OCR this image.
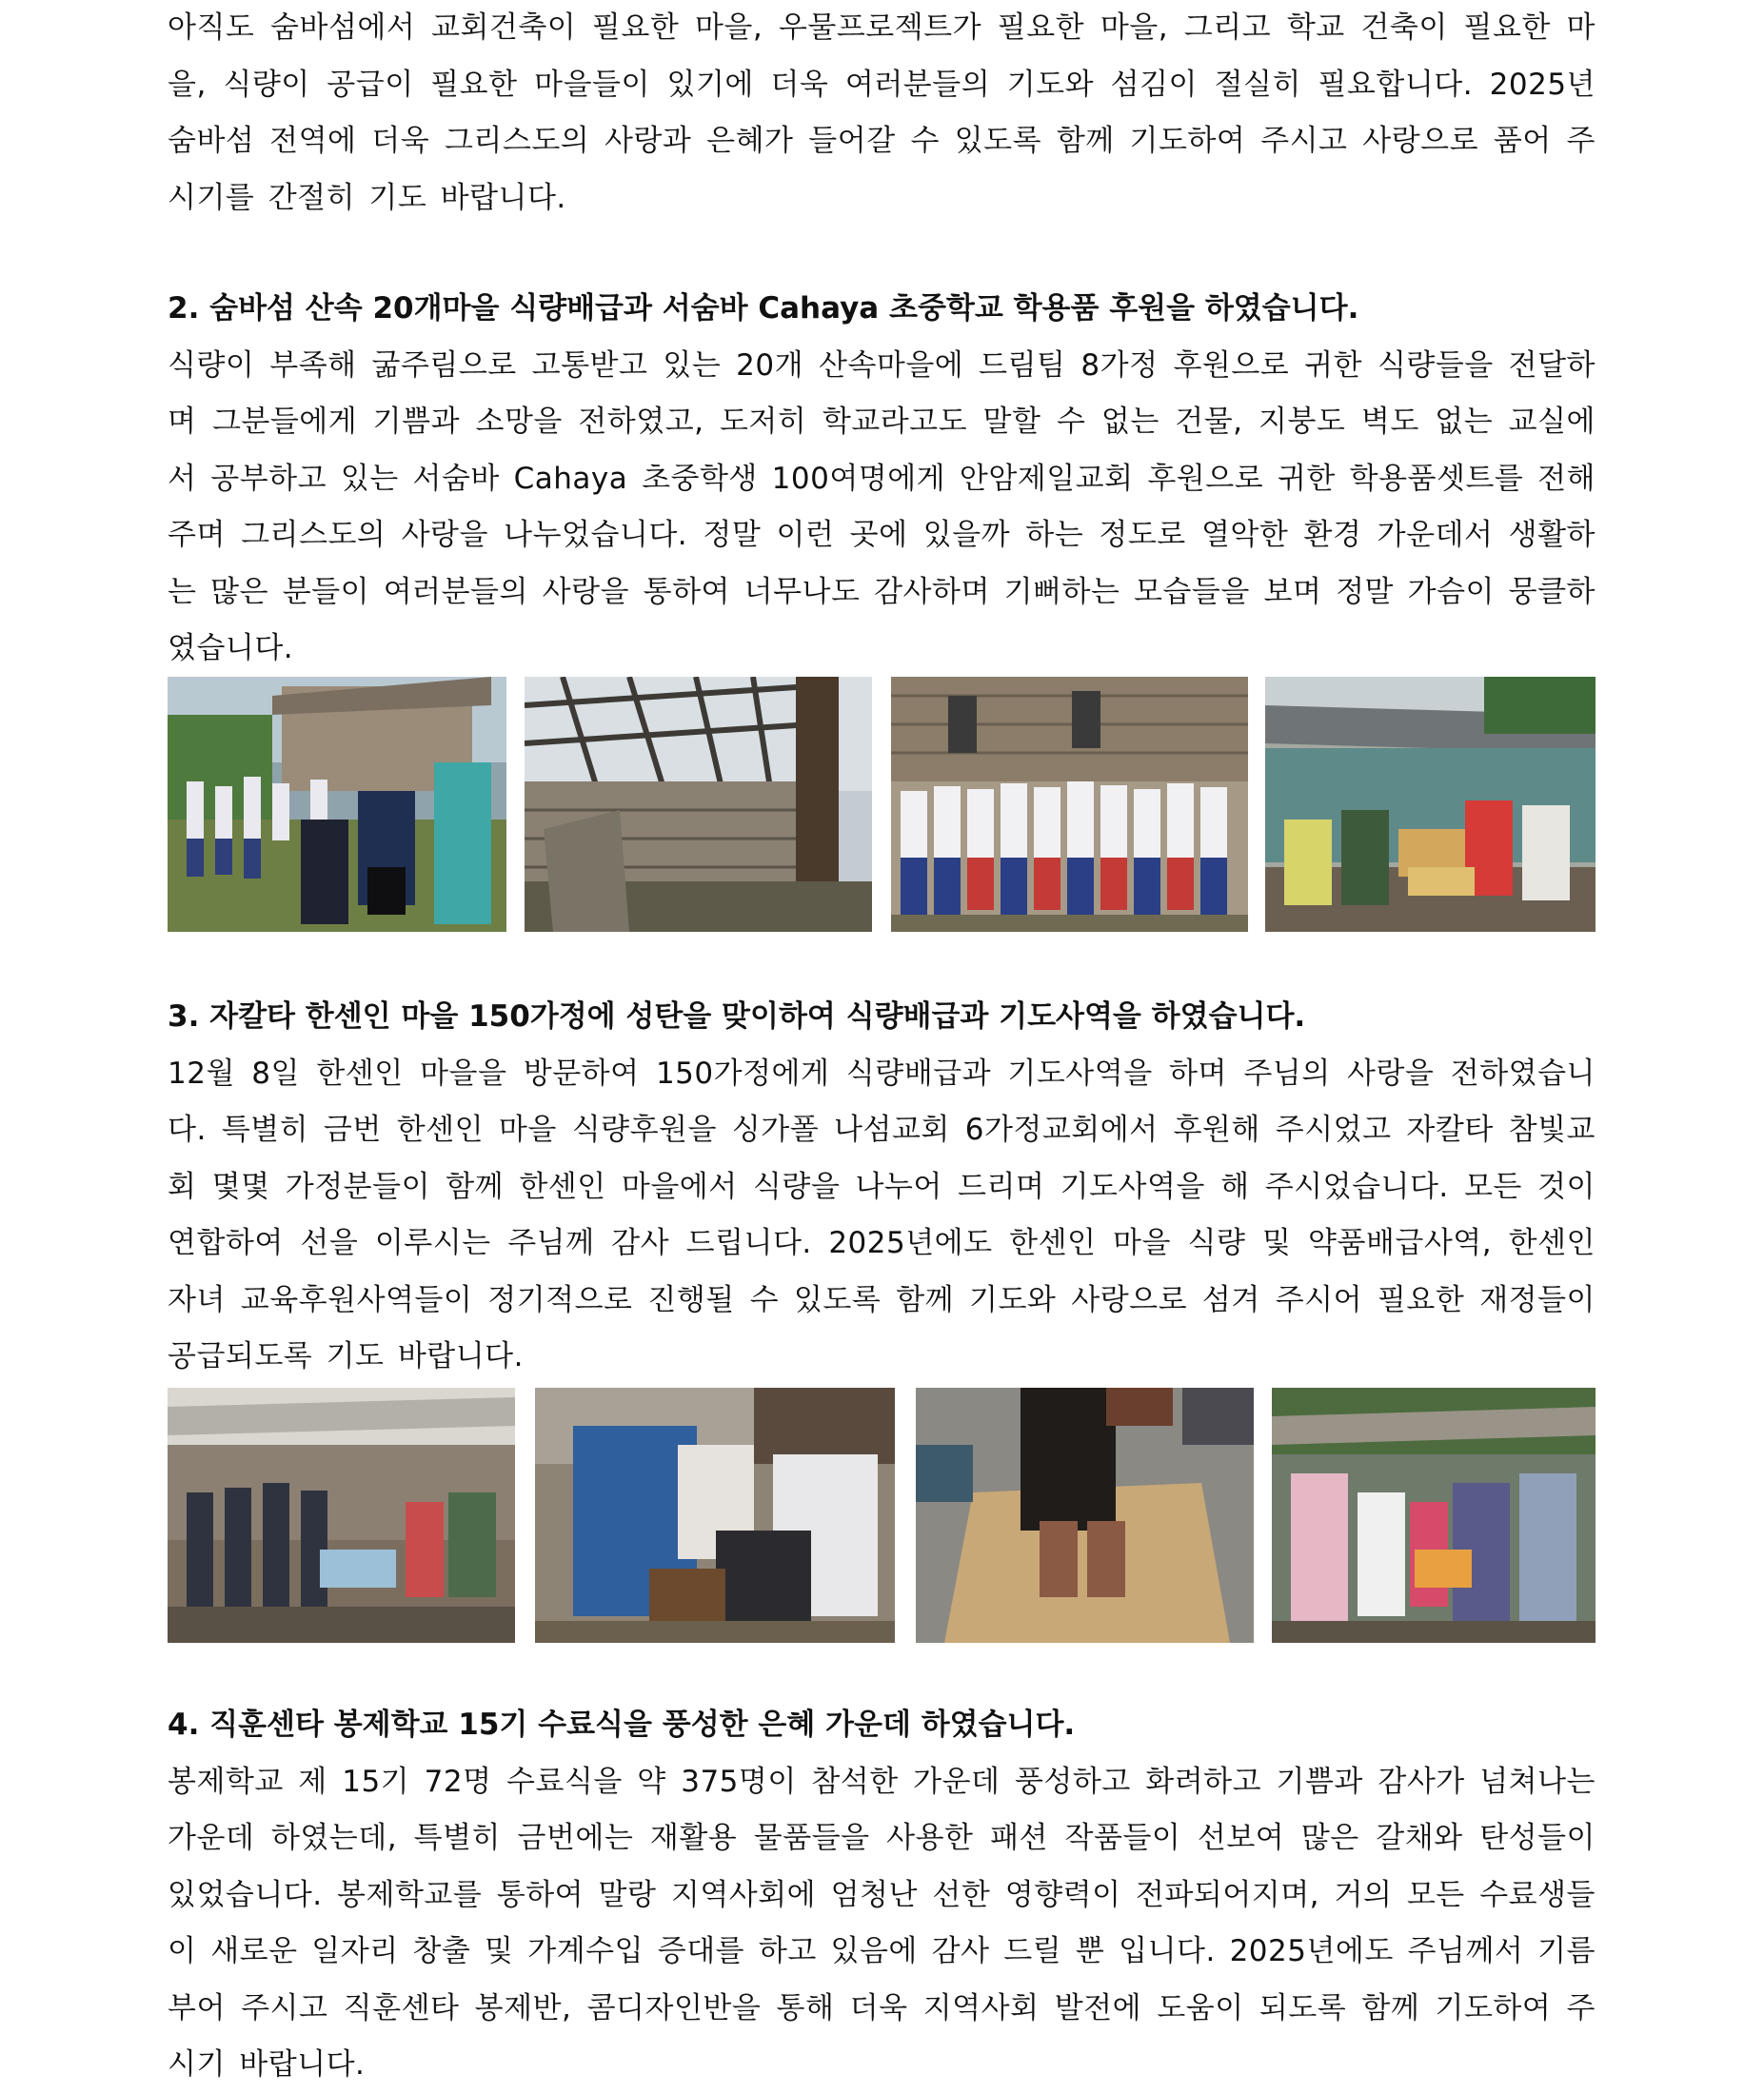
아직도 숨바섬에서 교회건축이 필요한 마을, 우물프로젝트가 필요한 마을, 그리고 학교 건축이 필요한 마을, 식량이 공급이 필요한 마을들이 있기에 더욱 여러분들의 기도와 섬김이 절실히 필요합니다. 2025년 숨바섬 전역에 더욱 그리스도의 사랑과 은혜가 들어갈 수 있도록 함께 기도하여 주시고 사랑으로 품어 주시기를 간절히 기도 바랍니다.

2. 숨바섬 산속 20개마을 식량배급과 서숨바 Cahaya 초중학교 학용품 후원을 하였습니다.

식량이 부족해 굶주림으로 고통받고 있는 20개 산속마을에 드림팀 8가정 후원으로 귀한 식량들을 전달하며 그분들에게 기쁨과 소망을 전하였고, 도저히 학교라고도 말할 수 없는 건물, 지붕도 벽도 없는 교실에서 공부하고 있는 서숨바 Cahaya 초중학생 100여명에게 안암제일교회 후원으로 귀한 학용품셋트를 전해주며 그리스도의 사랑을 나누었습니다. 정말 이런 곳에 있을까 하는 정도로 열악한 환경 가운데서 생활하는 많은 분들이 여러분들의 사랑을 통하여 너무나도 감사하며 기뻐하는 모습들을 보며 정말 가슴이 뭉클하였습니다.

3. 자칼타 한센인 마을 150가정에 성탄을 맞이하여 식량배급과 기도사역을 하였습니다.

12월 8일 한센인 마을을 방문하여 150가정에게 식량배급과 기도사역을 하며 주님의 사랑을 전하였습니다. 특별히 금번 한센인 마을 식량후원을 싱가폴 나섬교회 6가정교회에서 후원해 주시었고 자칼타 참빛교회 몇몇 가정분들이 함께 한센인 마을에서 식량을 나누어 드리며 기도사역을 해 주시었습니다. 모든 것이 연합하여 선을 이루시는 주님께 감사 드립니다. 2025년에도 한센인 마을 식량 및 약품배급사역, 한센인 자녀 교육후원사역들이 정기적으로 진행될 수 있도록 함께 기도와 사랑으로 섬겨 주시어 필요한 재정들이 공급되도록 기도 바랍니다.

4. 직훈센타 봉제학교 15기 수료식을 풍성한 은혜 가운데 하였습니다.

봉제학교 제 15기 72명 수료식을 약 375명이 참석한 가운데 풍성하고 화려하고 기쁨과 감사가 넘쳐나는 가운데 하였는데, 특별히 금번에는 재활용 물품들을 사용한 패션 작품들이 선보여 많은 갈채와 탄성들이 있었습니다. 봉제학교를 통하여 말랑 지역사회에 엄청난 선한 영향력이 전파되어지며, 거의 모든 수료생들이 새로운 일자리 창출 및 가계수입 증대를 하고 있음에 감사 드릴 뿐 입니다. 2025년에도 주님께서 기름부어 주시고 직훈센타 봉제반, 콤디자인반을 통해 더욱 지역사회 발전에 도움이 되도록 함께 기도하여 주시기 바랍니다.
